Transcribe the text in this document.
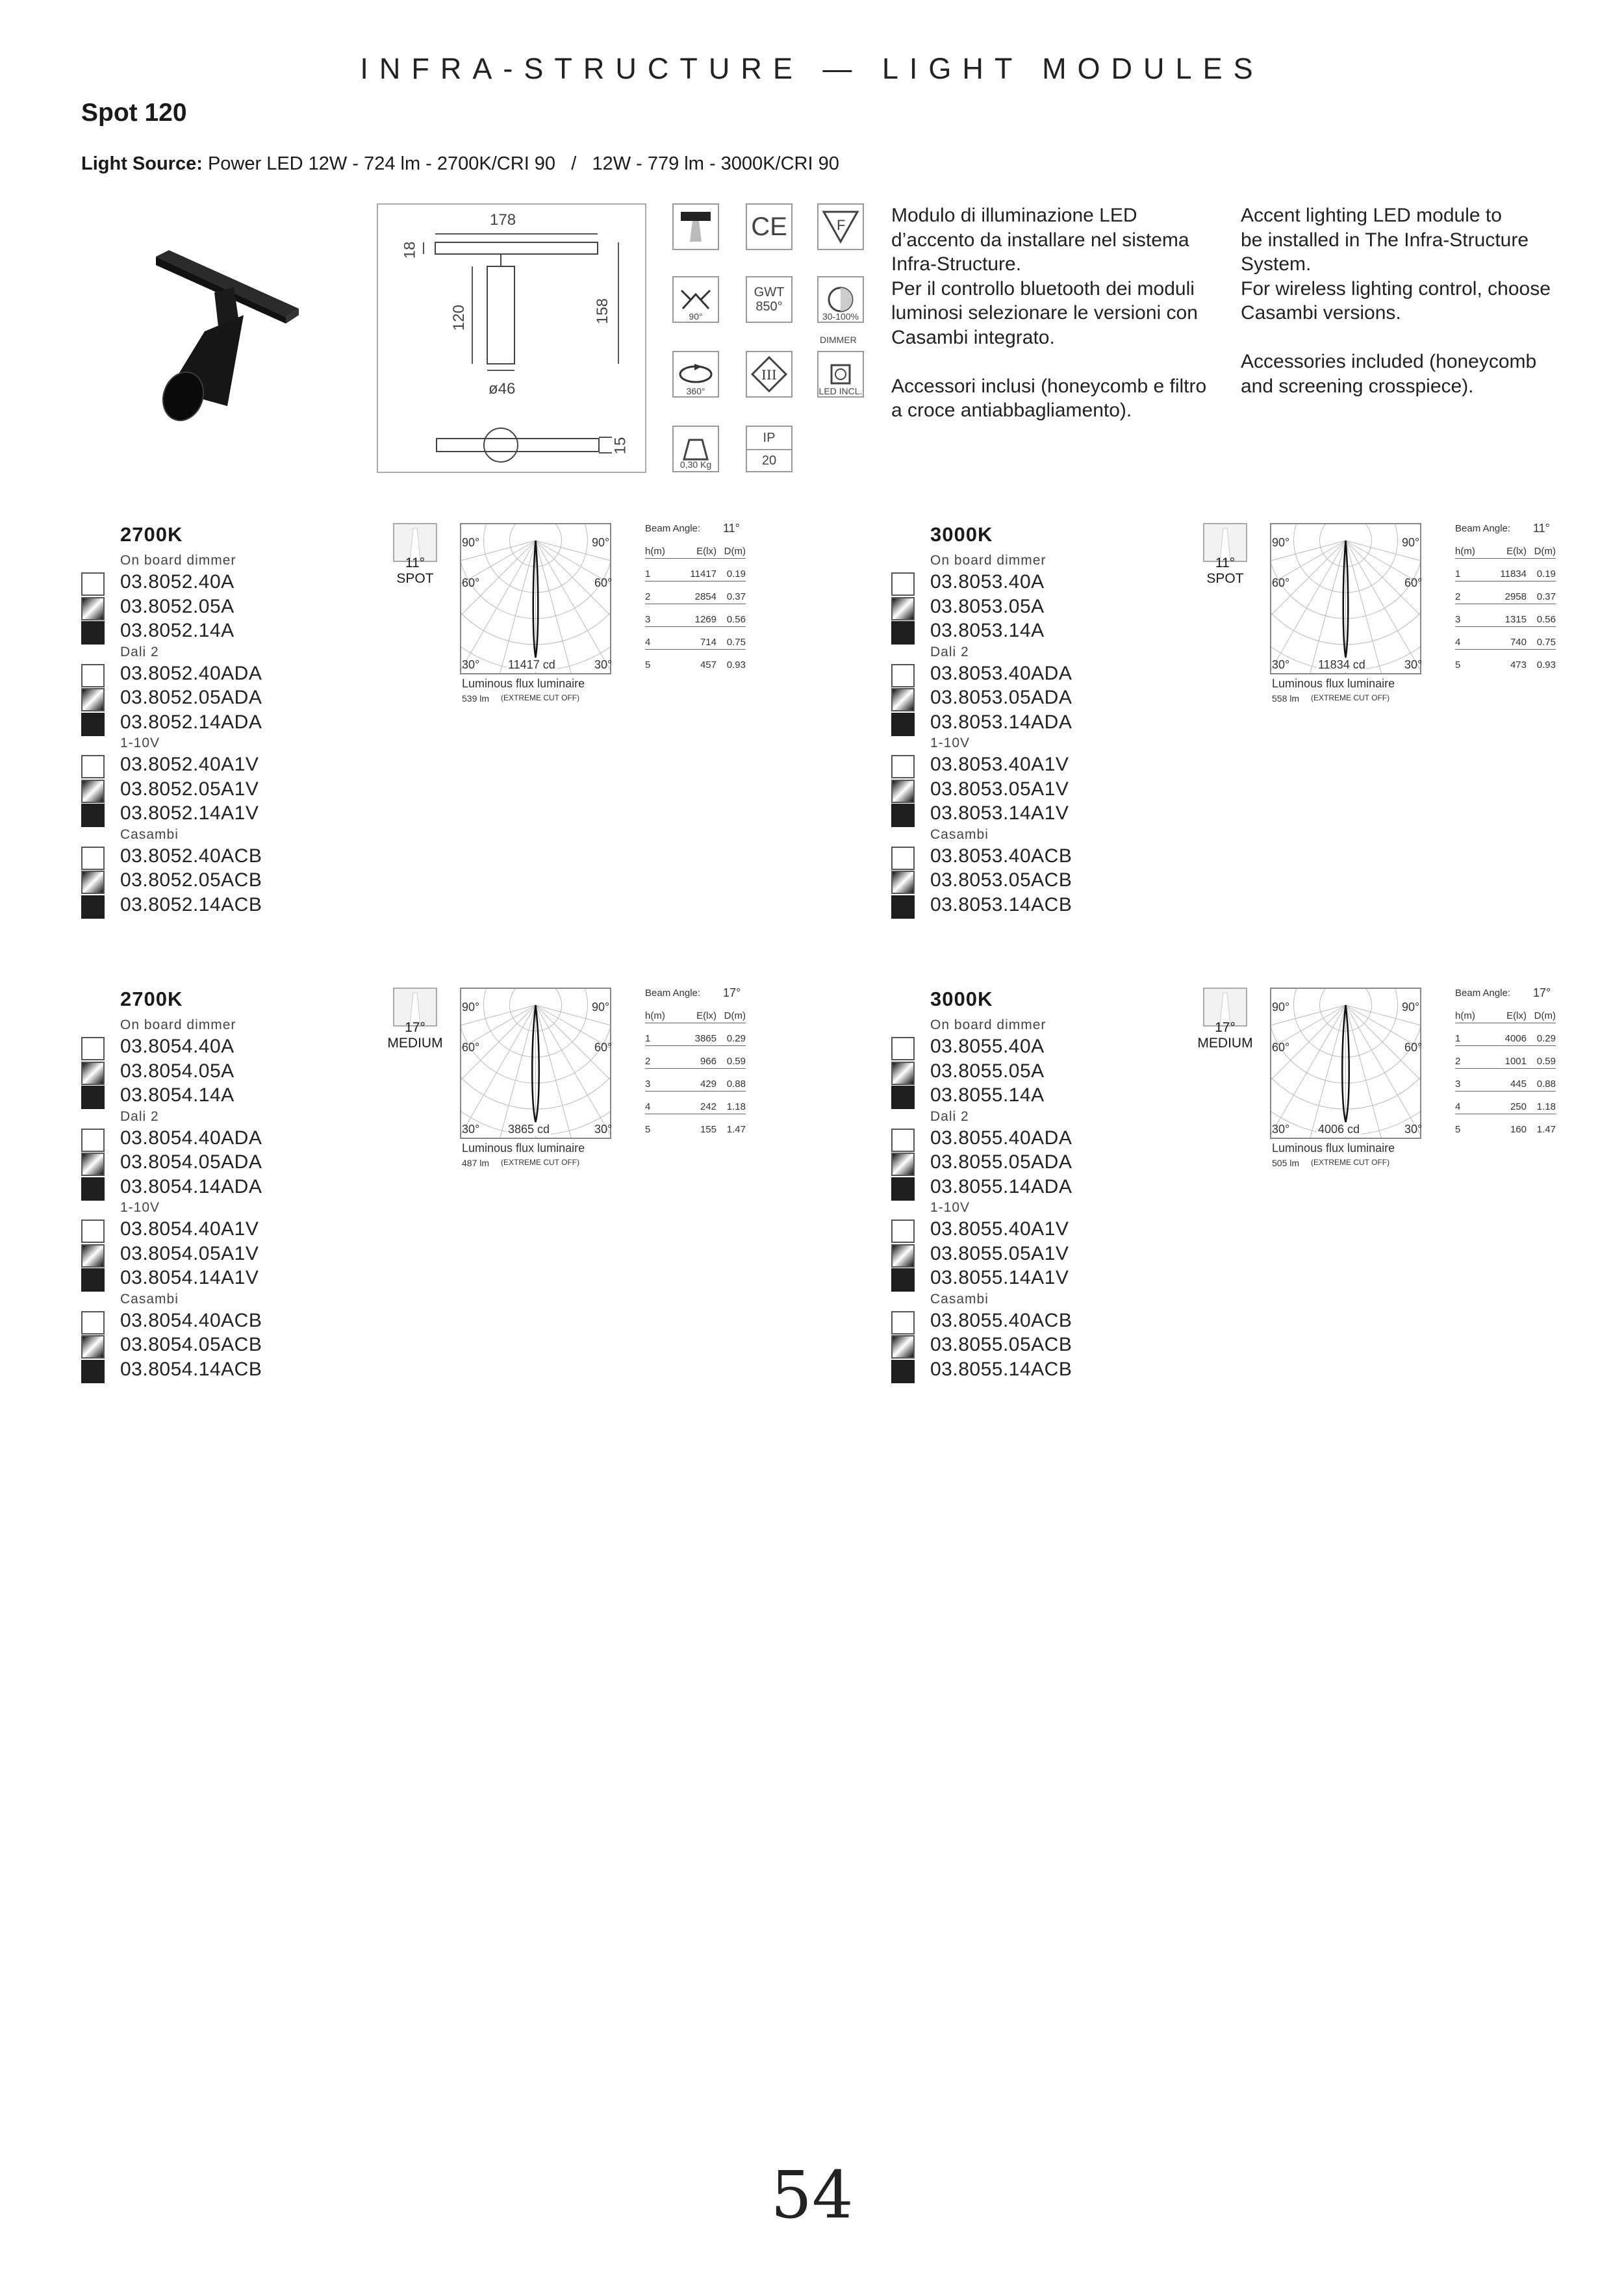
INFRA-STRUCTURE — LIGHT MODULES
Spot 120
Light Source: Power LED 12W - 724 lm - 2700K/CRI 90   /   12W - 779 lm - 3000K/CRI 90
178
18
120	158
ø46
15
CE	F
90°
GWT
850°
30-100%
DIMMER
360°
III
LED INCL.
0,30 Kg
IP
20
Modulo di illuminazione LED
d’accento da installare nel sistema
Infra-Structure.
Per il controllo bluetooth dei moduli
luminosi selezionare le versioni con
Casambi integrato.

Accessori inclusi (honeycomb e filtro
a croce antiabbagliamento).
Accent lighting LED module to
be installed in The Infra-Structure
System.
For wireless lighting control, choose
Casambi versions.

Accessories included (honeycomb
and screening crosspiece).
2700K
On board dimmer
03.8052.40A
03.8052.05A
03.8052.14A
Dali 2
03.8052.40ADA
03.8052.05ADA
03.8052.14ADA
1-10V
03.8052.40A1V
03.8052.05A1V
03.8052.14A1V
Casambi
03.8052.40ACB
03.8052.05ACB
03.8052.14ACB
11°
SPOT
90°	90°
60°	60°
30°	30°
11417 cd
Luminous flux luminaire
539 lm (EXTREME CUT OFF)
Beam Angle: 11°
h(m)	E(lx) D(m)
1	11417	0.19
2	2854	0.37
3	1269	0.56
4	714	0.75
5	457	0.93
3000K
On board dimmer
03.8053.40A
03.8053.05A
03.8053.14A
Dali 2
03.8053.40ADA
03.8053.05ADA
03.8053.14ADA
1-10V
03.8053.40A1V
03.8053.05A1V
03.8053.14A1V
Casambi
03.8053.40ACB
03.8053.05ACB
03.8053.14ACB
11°
SPOT
90°	90°
60°	60°
30°	30°
11834 cd
Luminous flux luminaire
558 lm (EXTREME CUT OFF)
Beam Angle: 11°
h(m)	E(lx) D(m)
1	11834	0.19
2	2958	0.37
3	1315	0.56
4	740	0.75
5	473	0.93
2700K
On board dimmer
03.8054.40A
03.8054.05A
03.8054.14A
Dali 2
03.8054.40ADA
03.8054.05ADA
03.8054.14ADA
1-10V
03.8054.40A1V
03.8054.05A1V
03.8054.14A1V
Casambi
03.8054.40ACB
03.8054.05ACB
03.8054.14ACB
17°
MEDIUM
90°	90°
60°	60°
30°	30°
3865 cd
Luminous flux luminaire
487 lm (EXTREME CUT OFF)
Beam Angle: 17°
h(m)	E(lx) D(m)
1	3865	0.29
2	966	0.59
3	429	0.88
4	242	1.18
5	155	1.47
3000K
On board dimmer
03.8055.40A
03.8055.05A
03.8055.14A
Dali 2
03.8055.40ADA
03.8055.05ADA
03.8055.14ADA
1-10V
03.8055.40A1V
03.8055.05A1V
03.8055.14A1V
Casambi
03.8055.40ACB
03.8055.05ACB
03.8055.14ACB
17°
MEDIUM
90°	90°
60°	60°
30°	30°
4006 cd
Luminous flux luminaire
505 lm (EXTREME CUT OFF)
Beam Angle: 17°
h(m)	E(lx) D(m)
1	4006	0.29
2	1001	0.59
3	445	0.88
4	250	1.18
5	160	1.47
54
